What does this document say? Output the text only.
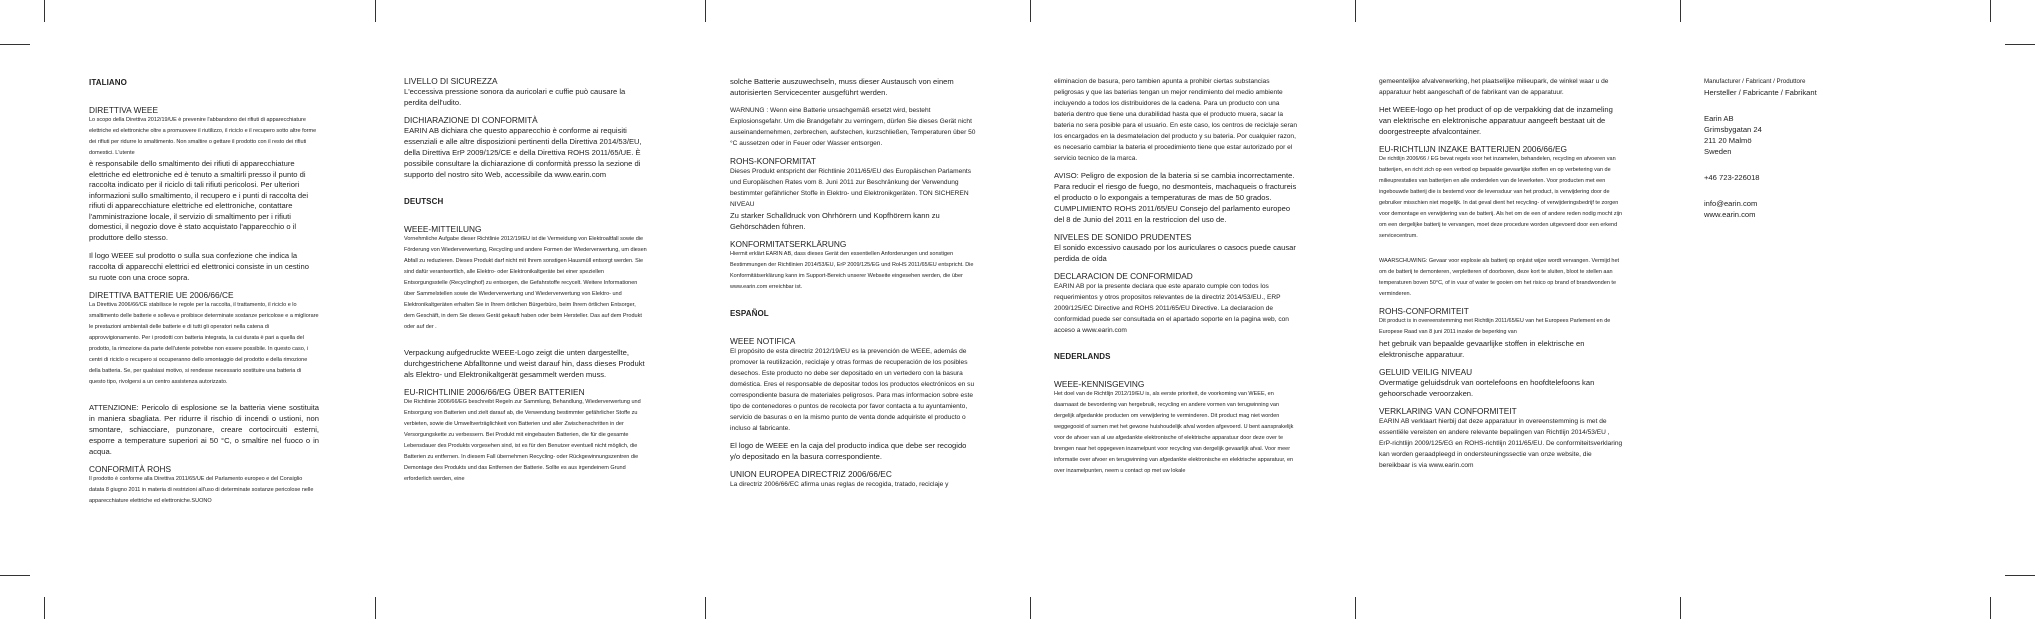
ITALIANO

DIRETTIVA WEEE

Lo scopo della Direttiva 2012/19/UE è prevenire l'abbandono dei rifiuti di apparecchiature elettriche ed elettroniche oltre a promuovere il riutilizzo, il riciclo e il recupero sotto altre forme dei rifiuti per ridurre lo smaltimento. Non smaltire o gettare il prodotto con il resto dei rifiuti domestici. L'utente

è responsabile dello smaltimento dei rifiuti di apparecchiature elettriche ed elettroniche ed è tenuto a smaltirli presso il punto di raccolta indicato per il riciclo di tali rifiuti pericolosi. Per ulteriori informazioni sullo smaltimento, il recupero e i punti di raccolta dei rifiuti di apparecchiature elettriche ed elettroniche, contattare l'amministrazione locale, il servizio di smaltimento per i rifiuti domestici, il negozio dove è stato acquistato l'apparecchio o il produttore dello stesso.

Il logo WEEE sul prodotto o sulla sua confezione che indica la raccolta di apparecchi elettrici ed elettronici consiste in un cestino su ruote con una croce sopra.

DIRETTIVA BATTERIE UE 2006/66/CE

La Direttiva 2006/66/CE stabilisce le regole per la raccolta, il trattamento, il riciclo e lo smaltimento delle batterie e solleva e proibisce determinate sostanze pericolose e a migliorare le prestazioni ambientali delle batterie e di tutti gli operatori nella catena di approvvigionamento. Per i prodotti con batteria integrata, la cui durata è pari a quella del prodotto, la rimozione da parte dell'utente potrebbe non essere possibile. In questo caso, i centri di riciclo o recupero si occuperanno dello smontaggio del prodotto e della rimozione della batteria. Se, per qualsiasi motivo, si rendesse necessario sostituire una batteria di questo tipo, rivolgersi a un centro assistenza autorizzato.

ATTENZIONE: Pericolo di esplosione se la batteria viene sostituita in maniera sbagliata. Per ridurre il rischio di incendi o ustioni, non smontare, schiacciare, punzonare, creare cortocircuiti esterni, esporre a temperature superiori ai 50 °C, o smaltire nel fuoco o in acqua.

CONFORMITÀ ROHS

Il prodotto è conforme alla Direttiva 2011/65/UE del Parlamento europeo e del Consiglio datata 8 giugno 2011 in materia di restrizioni all'uso di determinate sostanze pericolose nelle apparecchiature elettriche ed elettroniche.SUONO

LIVELLO DI SICUREZZA

L'eccessiva pressione sonora da auricolari e cuffie può causare la perdita dell'udito.

DICHIARAZIONE DI CONFORMITÀ

EARIN AB dichiara che questo apparecchio è conforme ai requisiti essenziali e alle altre disposizioni pertinenti della Direttiva 2014/53/EU, della Direttiva ErP 2009/125/CE e della Direttiva ROHS 2011/65/UE. È possibile consultare la dichiarazione di conformità presso la sezione di supporto del nostro sito Web, accessibile da www.earin.com

DEUTSCH

WEEE-MITTEILUNG

Vornehmliche Aufgabe dieser Richtlinie 2012/19/EU ist die Vermeidung von Elektroaltfall sowie die Förderung von Wiederverwertung, Recycling und andere Formen der Wiederverwertung, um diesen Abfall zu reduzieren. Dieses Produkt darf nicht mit Ihrem sonstigen Hausmüll entsorgt werden. Sie sind dafür verantwortlich, alle Elektro- oder Elektronikaltgeräte bei einer speziellen Entsorgungsstelle (Recyclinghof) zu entsorgen, die Gefahrstoffe recycelt. Weitere Informationen über Sammelstellen sowie die Wiederverwertung und Wiederverwertung von Elektro- und Elektronikaltgeräten erhalten Sie in Ihrem örtlichen Bürgerbüro, beim Ihrem örtlichen Entsorger, dem Geschäft, in dem Sie dieses Gerät gekauft haben oder beim Hersteller. Das auf dem Produkt oder auf der .

Verpackung aufgedruckte WEEE-Logo zeigt die unten dargestellte, durchgestrichene Abfalltonne und weist darauf hin, dass dieses Produkt als Elektro- und Elektronikaltgerät gesammelt werden muss.

EU-RICHTLINIE 2006/66/EG ÜBER BATTERIEN

Die Richtlinie 2006/66/EG beschreibt Regeln zur Sammlung, Behandlung, Wiederverwertung und Entsorgung von Batterien und zielt darauf ab, die Verwendung bestimmter gefährlicher Stoffe zu verbieten, sowie die Umweltverträglichkeit von Batterien und aller Zwischenschritten in der Versorgungskette zu verbessern. Bei Produkt mit eingebauten Batterien, die für die gesamte Lebensdauer des Produkts vorgesehen sind, ist es für den Benutzer eventuell nicht möglich, die Batterien zu entfernen. In diesem Fall übernehmen Recycling- oder Rückgewinnungszentren die Demontage des Produkts und das Entfernen der Batterie. Sollte es aus irgendeinem Grund erforderlich werden, eine

solche Batterie auszuwechseln, muss dieser Austausch von einem autorisierten Servicecenter ausgeführt werden.

WARNUNG : Wenn eine Batterie unsachgemäß ersetzt wird, besteht Explosionsgefahr. Um die Brandgefahr zu verringern, dürfen Sie dieses Gerät nicht auseinandernehmen, zerbrechen, aufstechen, kurzschließen, Temperaturen über 50 °C aussetzen oder in Feuer oder Wasser entsorgen.

ROHS-KONFORMITAT

Dieses Produkt entspricht der Richtlinie 2011/65/EU des Europäischen Parlaments und Europäischen Rates vom 8. Juni 2011 zur Beschränkung der Verwendung bestimmter gefährlicher Stoffe in Elektro- und Elektronikgeräten. TON SICHEREN NIVEAU

Zu starker Schalldruck von Ohrhörern und Kopfhörern kann zu Gehörschäden führen.

KONFORMITATSERKLÄRUNG

Hiermit erklärt EARIN AB, dass dieses Gerät den essentiellen Anforderungen und sonstigen Bestimmungen der Richtlinien 2014/53/EU, ErP 2009/125/EG und RoHS 2011/65/EU entspricht. Die Konformitätserklärung kann im Support-Bereich unserer Webseite eingesehen werden, die über www.earin.com erreichbar ist.

ESPAÑOL

WEEE NOTIFICA

El propósito de esta directriz 2012/19/EU es la prevención de WEEE, además de promover la reutilización, reciclaje y otras formas de recuperación de los posibles desechos. Este producto no debe ser depositado en un vertedero con la basura doméstica. Eres el responsable de depositar todos los productos electrónicos en su correspondiente basura de materiales peligrosos. Para mas informacion sobre este tipo de contenedores o puntos de recolecta por favor contacta a tu ayuntamiento, servicio de basuras o en la mismo punto de venta donde adquiriste el producto o incluso al fabricante.

El logo de WEEE en la caja del producto indica que debe ser recogido y/o depositado en la basura correspondiente.

UNION EUROPEA DIRECTRIZ 2006/66/EC

La directriz 2006/66/EC afirma unas reglas de recogida, tratado, reciclaje y

eliminacion de basura, pero tambien apunta a prohibir ciertas substancias peligrosas y que las baterias tengan un mejor rendimiento del medio ambiente incluyendo a todos los distribuidores de la cadena. Para un producto con una bateria dentro que tiene una durabilidad hasta que el producto muera, sacar la bateria no sera posible para el usuario. En este caso, los centros de reciclaje seran los encargados en la desmatelacion del producto y su bateria. Por cualquier razon, es necesario cambiar la bateria el procedimiento tiene que estar autorizado por el servicio tecnico de la marca.

AVISO: Peligro de exposion de la bateria si se cambia incorrectamente. Para reducir el riesgo de fuego, no desmonteis, machaqueis o fractureis el producto o lo expongais a temperaturas de mas de 50 grados. CUMPLIMIENTO ROHS 2011/65/EU Consejo del parlamento europeo del 8 de Junio del 2011 en la restriccion del uso de.

NIVELES DE SONIDO PRUDENTES

El sonido excessivo causado por los auriculares o casocs puede causar perdida de oída

DECLARACION DE CONFORMIDAD

EARIN AB por la presente declara que este aparato cumple con todos los requerimientos y otros propositos relevantes de la directriz 2014/53/EU., ERP 2009/125/EC Directive and ROHS 2011/65/EU Directive. La declaracion de conformidad puede ser consultada en el apartado soporte en la pagina web, con acceso a www.earin.com

NEDERLANDS

WEEE-KENNISGEVING

Het doel van de Richtlijn 2012/19/EU is, als eerste prioriteit, de voorkoming van WEEE, en daarnaast de bevordering van hergebruik, recycling en andere vormen van terugwinning van dergelijk afgedankte producten om verwijdering te verminderen. Dit product mag niet worden weggegooid of samen met het gewone huishoudelijk afval worden afgevoerd. U bent aansprakelijk voor de afvoer van al uw afgedankte elektronische of elektrische apparatuur door deze over te brengen naar het opgegeven inzamelpunt voor recycling van dergelijk gevaarlijk afval. Voor meer informatie over afvoer en terugwinning van afgedankte elektronische en elektrische apparatuur, en over inzamelpunten, neem u contact op met uw lokale

gemeentelijke afvalverwerking, het plaatselijke milieupark, de winkel waar u de apparatuur hebt aangeschaft of de fabrikant van de apparatuur.

Het WEEE-logo op het product of op de verpakking dat de inzameling van elektrische en elektronische apparatuur aangeeft bestaat uit de doorgestreepte afvalcontainer.

EU-RICHTLIJN INZAKE BATTERIJEN 2006/66/EG

De richtlijn 2006/66 / EG bevat regels voor het inzamelen, behandelen, recycling en afvoeren van batterijen, en richt zich op een verbod op bepaalde gevaarlijke stoffen en op verbetering van de milieuprestaties van batterijen en alle onderdelen van de leverketen. Voor producten met een ingebouwde batterij die is bestemd voor de levensduur van het product, is verwijdering door de gebruiker misschien niet mogelijk. In dat geval dient het recycling- of verwijderingsbedrijf te zorgen voor demontage en verwijdering van de batterij. Als het om de een of andere reden nodig mocht zijn om een dergelijke batterij te vervangen, moet deze procedure worden uitgevoerd door een erkend servicecentrum.

WAARSCHUWING: Gevaar voor explosie als batterij op onjuist wijze wordt vervangen. Vermijd het om de batterij te demonteren, verpletteren of doorboren, deze kort te sluiten, bloot te stellen aan temperaturen boven 50°C, of in vuur of water te gooien om het risico op brand of brandwonden te verminderen.

ROHS-CONFORMITEIT

Dit product is in overeenstemming met Richtlijn 2011/65/EU van het Europees Parlement en de Europese Raad van 8 juni 2011 inzake de beperking van

het gebruik van bepaalde gevaarlijke stoffen in elektrische en elektronische apparatuur.

GELUID VEILIG NIVEAU

Overmatige geluidsdruk van oortelefoons en hoofdtelefoons kan gehoorschade veroorzaken.

VERKLARING VAN CONFORMITEIT

EARIN AB verklaart hierbij dat deze apparatuur in overeenstemming is met de essentiële vereisten en andere relevante bepalingen van Richtlijn 2014/53/EU , ErP-richtlijn 2009/125/EG en ROHS-richtlijn 2011/65/EU. De conformiteitsverklaring kan worden geraadpleegd in ondersteuningssectie van onze website, die bereikbaar is via www.earin.com

Manufacturer / Fabricant / Produttore

Hersteller / Fabricante / Fabrikant

Earin AB

Grimsbygatan 24

211 20 Malmö

Sweden

+46 723-226018

info@earin.com

www.earin.com
